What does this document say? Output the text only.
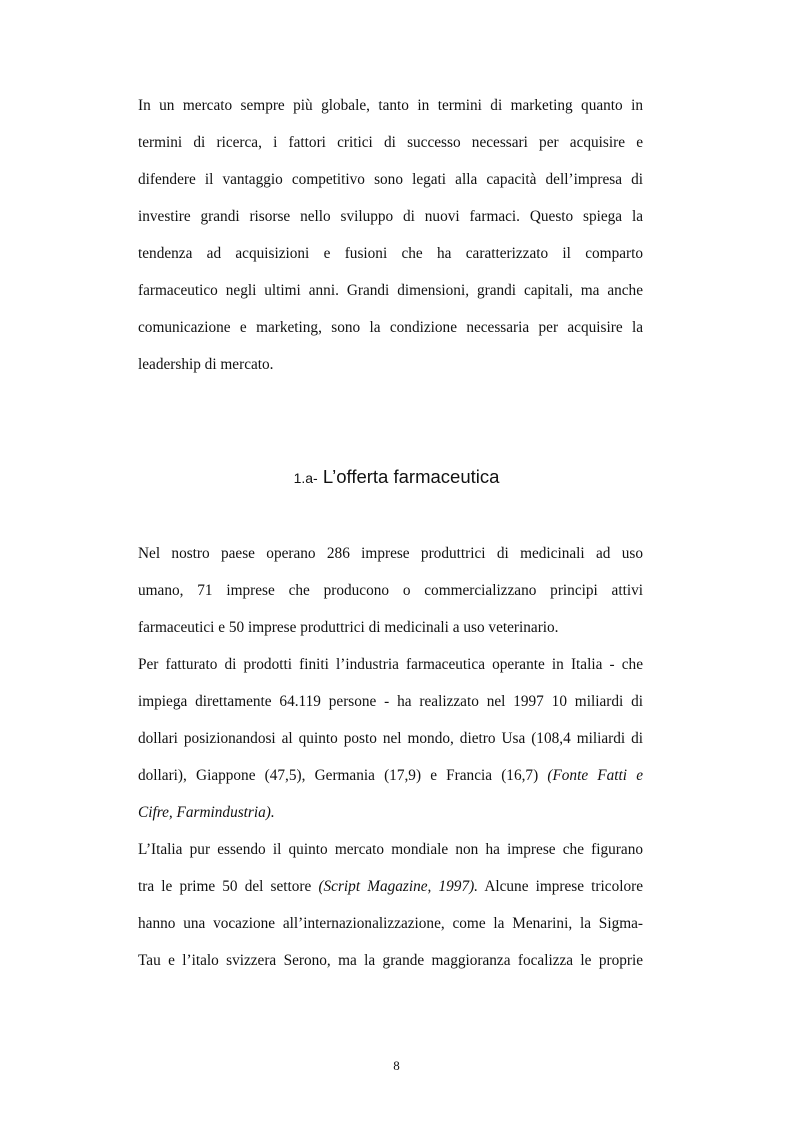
In un mercato sempre più globale, tanto in termini di marketing quanto in
termini di ricerca, i fattori critici di successo necessari per acquisire e
difendere il vantaggio competitivo sono legati alla capacità dell’impresa di
investire grandi risorse nello sviluppo di nuovi farmaci. Questo spiega la
tendenza ad acquisizioni e fusioni che ha caratterizzato il comparto
farmaceutico negli ultimi anni. Grandi dimensioni, grandi capitali, ma anche
comunicazione e marketing, sono la condizione necessaria per acquisire la
leadership di mercato.
1.a- L’offerta farmaceutica
Nel nostro paese operano 286 imprese produttrici di medicinali ad uso
umano, 71 imprese che producono o commercializzano principi attivi
farmaceutici e 50 imprese produttrici di medicinali a uso veterinario.
Per fatturato di prodotti finiti l’industria farmaceutica operante in Italia - che
impiega direttamente 64.119 persone - ha realizzato nel 1997 10 miliardi di
dollari posizionandosi al quinto posto nel mondo, dietro Usa (108,4 miliardi di
dollari), Giappone (47,5), Germania (17,9) e Francia (16,7) (Fonte Fatti e
Cifre, Farmindustria).
L’Italia pur essendo il quinto mercato mondiale non ha imprese che figurano
tra le prime 50 del settore (Script Magazine, 1997). Alcune imprese tricolore
hanno una vocazione all’internazionalizzazione, come la Menarini, la Sigma-
Tau e l’italo svizzera Serono, ma la grande maggioranza focalizza le proprie
8
